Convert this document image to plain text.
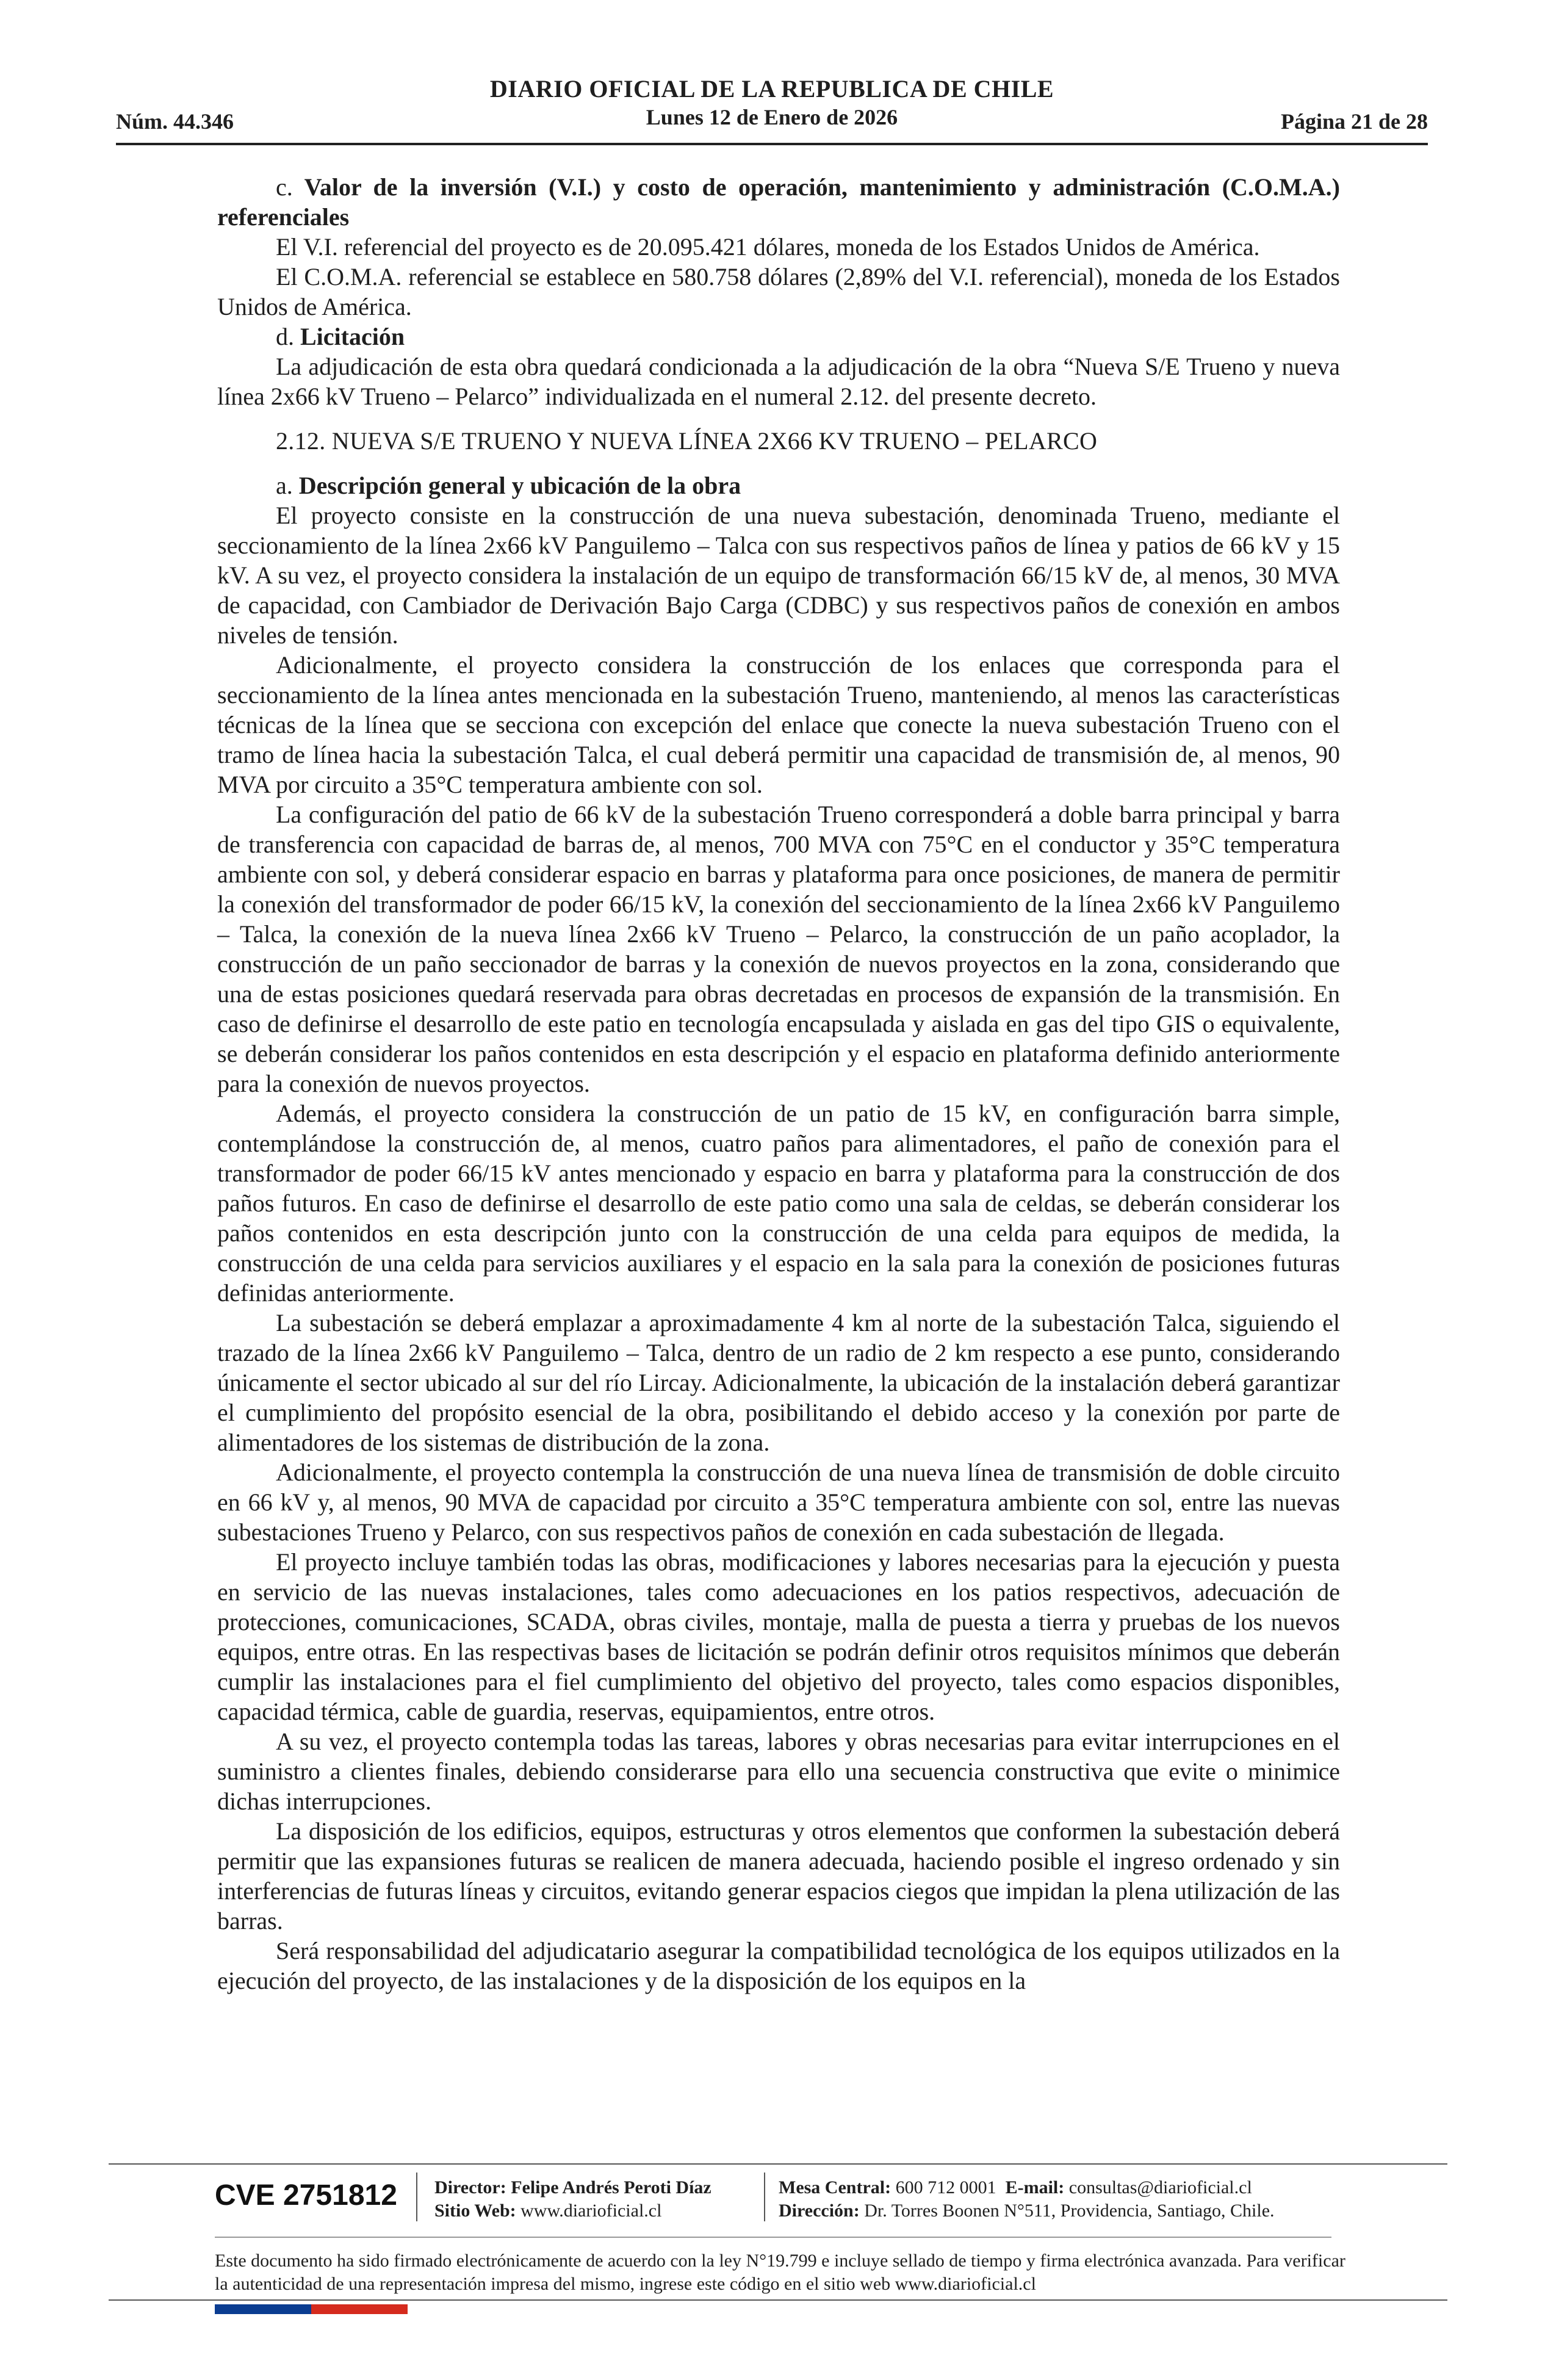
Núm. 44.346
DIARIO OFICIAL DE LA REPUBLICA DE CHILE
Lunes 12 de Enero de 2026	Página 21 de 28

c. Valor de la inversión (V.I.) y costo de operación, mantenimiento y administración (C.O.M.A.) referenciales

El V.I. referencial del proyecto es de 20.095.421 dólares, moneda de los Estados Unidos de América.

El C.O.M.A. referencial se establece en 580.758 dólares (2,89% del V.I. referencial), moneda de los Estados Unidos de América.

d. Licitación

La adjudicación de esta obra quedará condicionada a la adjudicación de la obra “Nueva S/E Trueno y nueva línea 2x66 kV Trueno – Pelarco” individualizada en el numeral 2.12. del presente decreto.

2.12. NUEVA S/E TRUENO Y NUEVA LÍNEA 2X66 KV TRUENO – PELARCO

a. Descripción general y ubicación de la obra

El proyecto consiste en la construcción de una nueva subestación, denominada Trueno, mediante el seccionamiento de la línea 2x66 kV Panguilemo – Talca con sus respectivos paños de línea y patios de 66 kV y 15 kV. A su vez, el proyecto considera la instalación de un equipo de transformación 66/15 kV de, al menos, 30 MVA de capacidad, con Cambiador de Derivación Bajo Carga (CDBC) y sus respectivos paños de conexión en ambos niveles de tensión.

Adicionalmente, el proyecto considera la construcción de los enlaces que corresponda para el seccionamiento de la línea antes mencionada en la subestación Trueno, manteniendo, al menos las características técnicas de la línea que se secciona con excepción del enlace que conecte la nueva subestación Trueno con el tramo de línea hacia la subestación Talca, el cual deberá permitir una capacidad de transmisión de, al menos, 90 MVA por circuito a 35°C temperatura ambiente con sol.

La configuración del patio de 66 kV de la subestación Trueno corresponderá a doble barra principal y barra de transferencia con capacidad de barras de, al menos, 700 MVA con 75°C en el conductor y 35°C temperatura ambiente con sol, y deberá considerar espacio en barras y plataforma para once posiciones, de manera de permitir la conexión del transformador de poder 66/15 kV, la conexión del seccionamiento de la línea 2x66 kV Panguilemo – Talca, la conexión de la nueva línea 2x66 kV Trueno – Pelarco, la construcción de un paño acoplador, la construcción de un paño seccionador de barras y la conexión de nuevos proyectos en la zona, considerando que una de estas posiciones quedará reservada para obras decretadas en procesos de expansión de la transmisión. En caso de definirse el desarrollo de este patio en tecnología encapsulada y aislada en gas del tipo GIS o equivalente, se deberán considerar los paños contenidos en esta descripción y el espacio en plataforma definido anteriormente para la conexión de nuevos proyectos.

Además, el proyecto considera la construcción de un patio de 15 kV, en configuración barra simple, contemplándose la construcción de, al menos, cuatro paños para alimentadores, el paño de conexión para el transformador de poder 66/15 kV antes mencionado y espacio en barra y plataforma para la construcción de dos paños futuros. En caso de definirse el desarrollo de este patio como una sala de celdas, se deberán considerar los paños contenidos en esta descripción junto con la construcción de una celda para equipos de medida, la construcción de una celda para servicios auxiliares y el espacio en la sala para la conexión de posiciones futuras definidas anteriormente.

La subestación se deberá emplazar a aproximadamente 4 km al norte de la subestación Talca, siguiendo el trazado de la línea 2x66 kV Panguilemo – Talca, dentro de un radio de 2 km respecto a ese punto, considerando únicamente el sector ubicado al sur del río Lircay. Adicionalmente, la ubicación de la instalación deberá garantizar el cumplimiento del propósito esencial de la obra, posibilitando el debido acceso y la conexión por parte de alimentadores de los sistemas de distribución de la zona.

Adicionalmente, el proyecto contempla la construcción de una nueva línea de transmisión de doble circuito en 66 kV y, al menos, 90 MVA de capacidad por circuito a 35°C temperatura ambiente con sol, entre las nuevas subestaciones Trueno y Pelarco, con sus respectivos paños de conexión en cada subestación de llegada.

El proyecto incluye también todas las obras, modificaciones y labores necesarias para la ejecución y puesta en servicio de las nuevas instalaciones, tales como adecuaciones en los patios respectivos, adecuación de protecciones, comunicaciones, SCADA, obras civiles, montaje, malla de puesta a tierra y pruebas de los nuevos equipos, entre otras. En las respectivas bases de licitación se podrán definir otros requisitos mínimos que deberán cumplir las instalaciones para el fiel cumplimiento del objetivo del proyecto, tales como espacios disponibles, capacidad térmica, cable de guardia, reservas, equipamientos, entre otros.

A su vez, el proyecto contempla todas las tareas, labores y obras necesarias para evitar interrupciones en el suministro a clientes finales, debiendo considerarse para ello una secuencia constructiva que evite o minimice dichas interrupciones.

La disposición de los edificios, equipos, estructuras y otros elementos que conformen la subestación deberá permitir que las expansiones futuras se realicen de manera adecuada, haciendo posible el ingreso ordenado y sin interferencias de futuras líneas y circuitos, evitando generar espacios ciegos que impidan la plena utilización de las barras.

Será responsabilidad del adjudicatario asegurar la compatibilidad tecnológica de los equipos utilizados en la ejecución del proyecto, de las instalaciones y de la disposición de los equipos en la

CVE 2751812 Director: Felipe Andrés Peroti Díaz
Sitio Web: www.diarioficial.cl
Mesa Central: 600 712 0001 E-mail: consultas@diarioficial.cl
Dirección: Dr. Torres Boonen N°511, Providencia, Santiago, Chile.
Este documento ha sido firmado electrónicamente de acuerdo con la ley N°19.799 e incluye sellado de tiempo y firma electrónica avanzada. Para verificar la autenticidad de una representación impresa del mismo, ingrese este código en el sitio web www.diarioficial.cl
